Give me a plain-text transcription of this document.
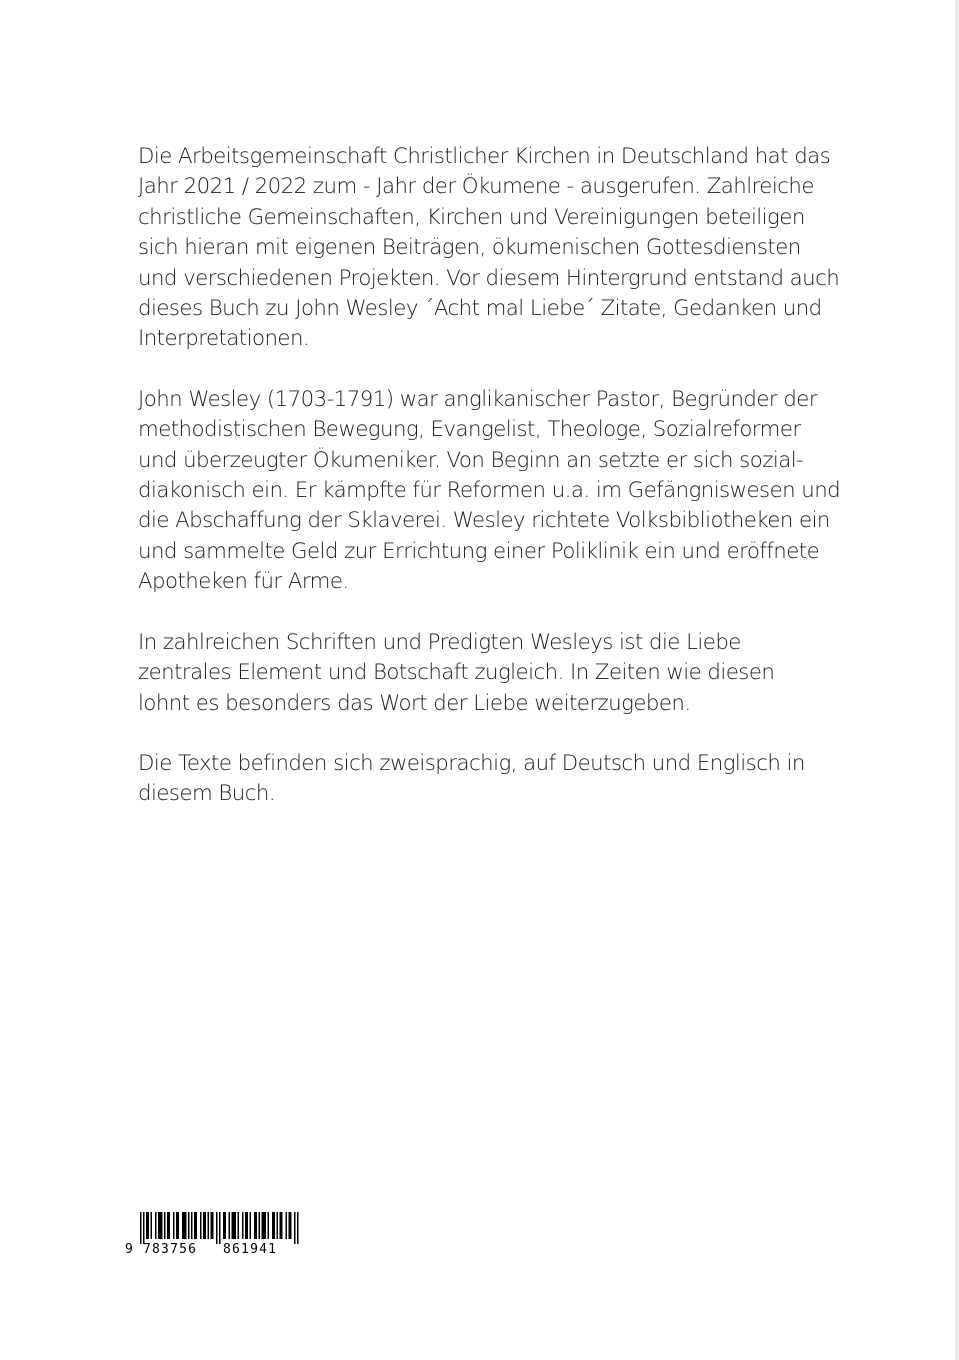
Die Arbeitsgemeinschaft Christlicher Kirchen in Deutschland hat das
Jahr 2021 / 2022 zum - Jahr der Ökumene - ausgerufen. Zahlreiche
christliche Gemeinschaften, Kirchen und Vereinigungen beteiligen
sich hieran mit eigenen Beiträgen, ökumenischen Gottesdiensten
und verschiedenen Projekten. Vor diesem Hintergrund entstand auch
dieses Buch zu John Wesley ´Acht mal Liebe´ Zitate, Gedanken und
Interpretationen.

John Wesley (1703-1791) war anglikanischer Pastor, Begründer der
methodistischen Bewegung, Evangelist, Theologe, Sozialreformer
und überzeugter Ökumeniker. Von Beginn an setzte er sich sozial-
diakonisch ein. Er kämpfte für Reformen u.a. im Gefängniswesen und
die Abschaffung der Sklaverei. Wesley richtete Volksbibliotheken ein
und sammelte Geld zur Errichtung einer Poliklinik ein und eröffnete
Apotheken für Arme.

In zahlreichen Schriften und Predigten Wesleys ist die Liebe
zentrales Element und Botschaft zugleich. In Zeiten wie diesen
lohnt es besonders das Wort der Liebe weiterzugeben.

Die Texte befinden sich zweisprachig, auf Deutsch und Englisch in
diesem Buch.

9 783756 861941
